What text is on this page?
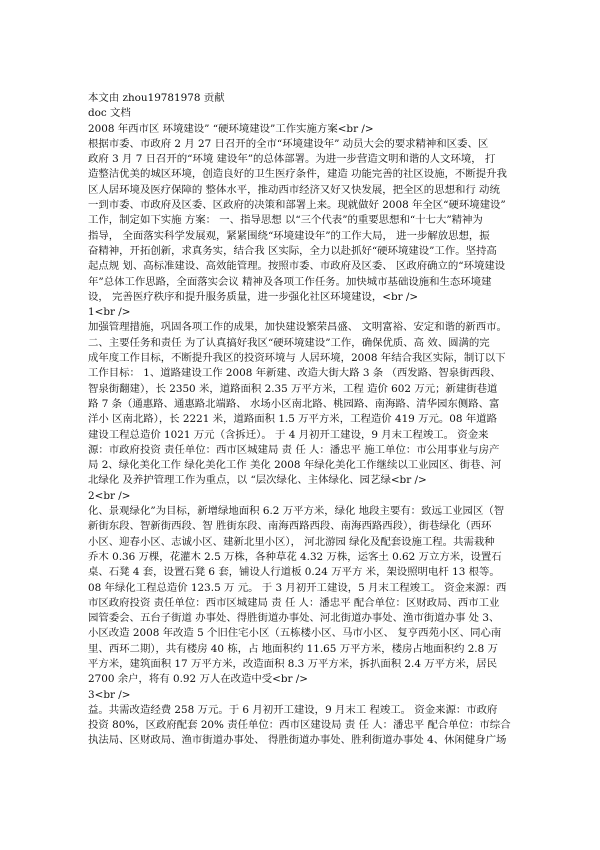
本文由 zhou19781978 贡献
doc 文档
2008 年西市区 环境建设” “硬环境建设”工作实施方案<br />
根据市委、市政府 2 月 27 日召开的全市“环境建设年” 动员大会的要求精神和区委、区
政府 3 月 7 日召开的“环境 建设年”的总体部署。为进一步营造文明和谐的人文环境， 打
造整洁优美的城区环境，创造良好的卫生医疗条件，建造 功能完善的社区设施，不断提升我
区人居环境及医疗保障的 整体水平，推动西市经济又好又快发展，把全区的思想和行 动统
一到市委、市政府及区委、区政府的决策和部署上来。现就做好 2008 年全区“硬环境建设”
工作，制定如下实施 方案： 一、指导思想 以“三个代表”的重要思想和“十七大”精神为
指导， 全面落实科学发展观，紧紧围绕“环境建设年”的工作大局， 进一步解放思想，振
奋精神，开拓创新，求真务实，结合我 区实际，全力以赴抓好“硬环境建设”工作。坚持高
起点规 划、高标准建设、高效能管理。按照市委、市政府及区委、 区政府确立的“环境建设
年”总体工作思路，全面落实会议 精神及各项工作任务。加快城市基础设施和生态环境建
设， 完善医疗秩序和提升服务质量，进一步强化社区环境建设，<br />
1<br />
加强管理措施，巩固各项工作的成果，加快建设繁荣昌盛、 文明富裕、安定和谐的新西市。
二、主要任务和责任 为了认真搞好我区“硬环境建设”工作，确保优质、高 效、圆满的完
成年度工作目标，不断提升我区的投资环境与 人居环境，2008 年结合我区实际，制订以下
工作目标： 1、道路建设工作 2008 年新建、改造大街大路 3 条 （西发路、智泉街西段、
智泉街翻建），长 2350 米，道路面积 2.35 万平方米，工程 造价 602 万元；新建街巷道
路 7 条（通惠路、通惠路北端路、 水场小区南北路、桃园路、南海路、清华园东侧路、富
洋小 区南北路），长 2221 米，道路面积 1.5 万平方米，工程造价 419 万元。08 年道路
建设工程总造价 1021 万元（含拆迁）。 于 4 月初开工建设，9 月末工程竣工。 资金来
源：市政府投资 责任单位：西市区城建局 责 任 人：潘忠平 施工单位：市公用事业与房产
局 2、绿化美化工作 绿化美化工作 美化 2008 年绿化美化工作继续以工业园区、街巷、河
北绿化 及养护管理工作为重点，以 “层次绿化、主体绿化、园艺绿<br />
2<br />
化、景观绿化”为目标，新增绿地面积 6.2 万平方米，绿化 地段主要有：致远工业园区（智
新街东段、智新街西段、智 胜街东段、南海西路西段、南海西路西段），街巷绿化（西环
小区、迎春小区、志诚小区、建新北里小区）， 河北游园 绿化及配套设施工程。共需栽种
乔木 0.36 万棵，花灌木 2.5 万株，各种草花 4.32 万株，运客土 0.62 万立方米，设置石
桌、石凳 4 套，设置石凳 6 套，铺设人行道板 0.24 万平方 米，架设照明电杆 13 根等。
08 年绿化工程总造价 123.5 万 元。 于 3 月初开工建设，5 月末工程竣工。 资金来源：西
市区政府投资 责任单位：西市区城建局 责 任 人：潘忠平 配合单位：区财政局、西市工业
园管委会、五台子街道 办事处、得胜街道办事处、河北街道办事处、渔市街道办事 处 3、
小区改造 2008 年改造 5 个旧住宅小区（五栋楼小区、马市小区、 复亨西苑小区、同心南
里、西环二期），共有楼房 40 栋，占 地面积约 11.65 万平方米，楼房占地面积约 2.8 万
平方米，建筑面积 17 万平方米，改造面积 8.3 万平方米，拆扒面积 2.4 万平方米，居民
2700 余户，将有 0.92 万人在改造中受<br />
3<br />
益。共需改造经费 258 万元。于 6 月初开工建设，9 月末工 程竣工。 资金来源：市政府
投资 80%，区政府配套 20% 责任单位：西市区建设局 责 任 人：潘忠平 配合单位：市综合
执法局、区财政局、渔市街道办事处、 得胜街道办事处、胜利街道办事处 4、休闲健身广场
